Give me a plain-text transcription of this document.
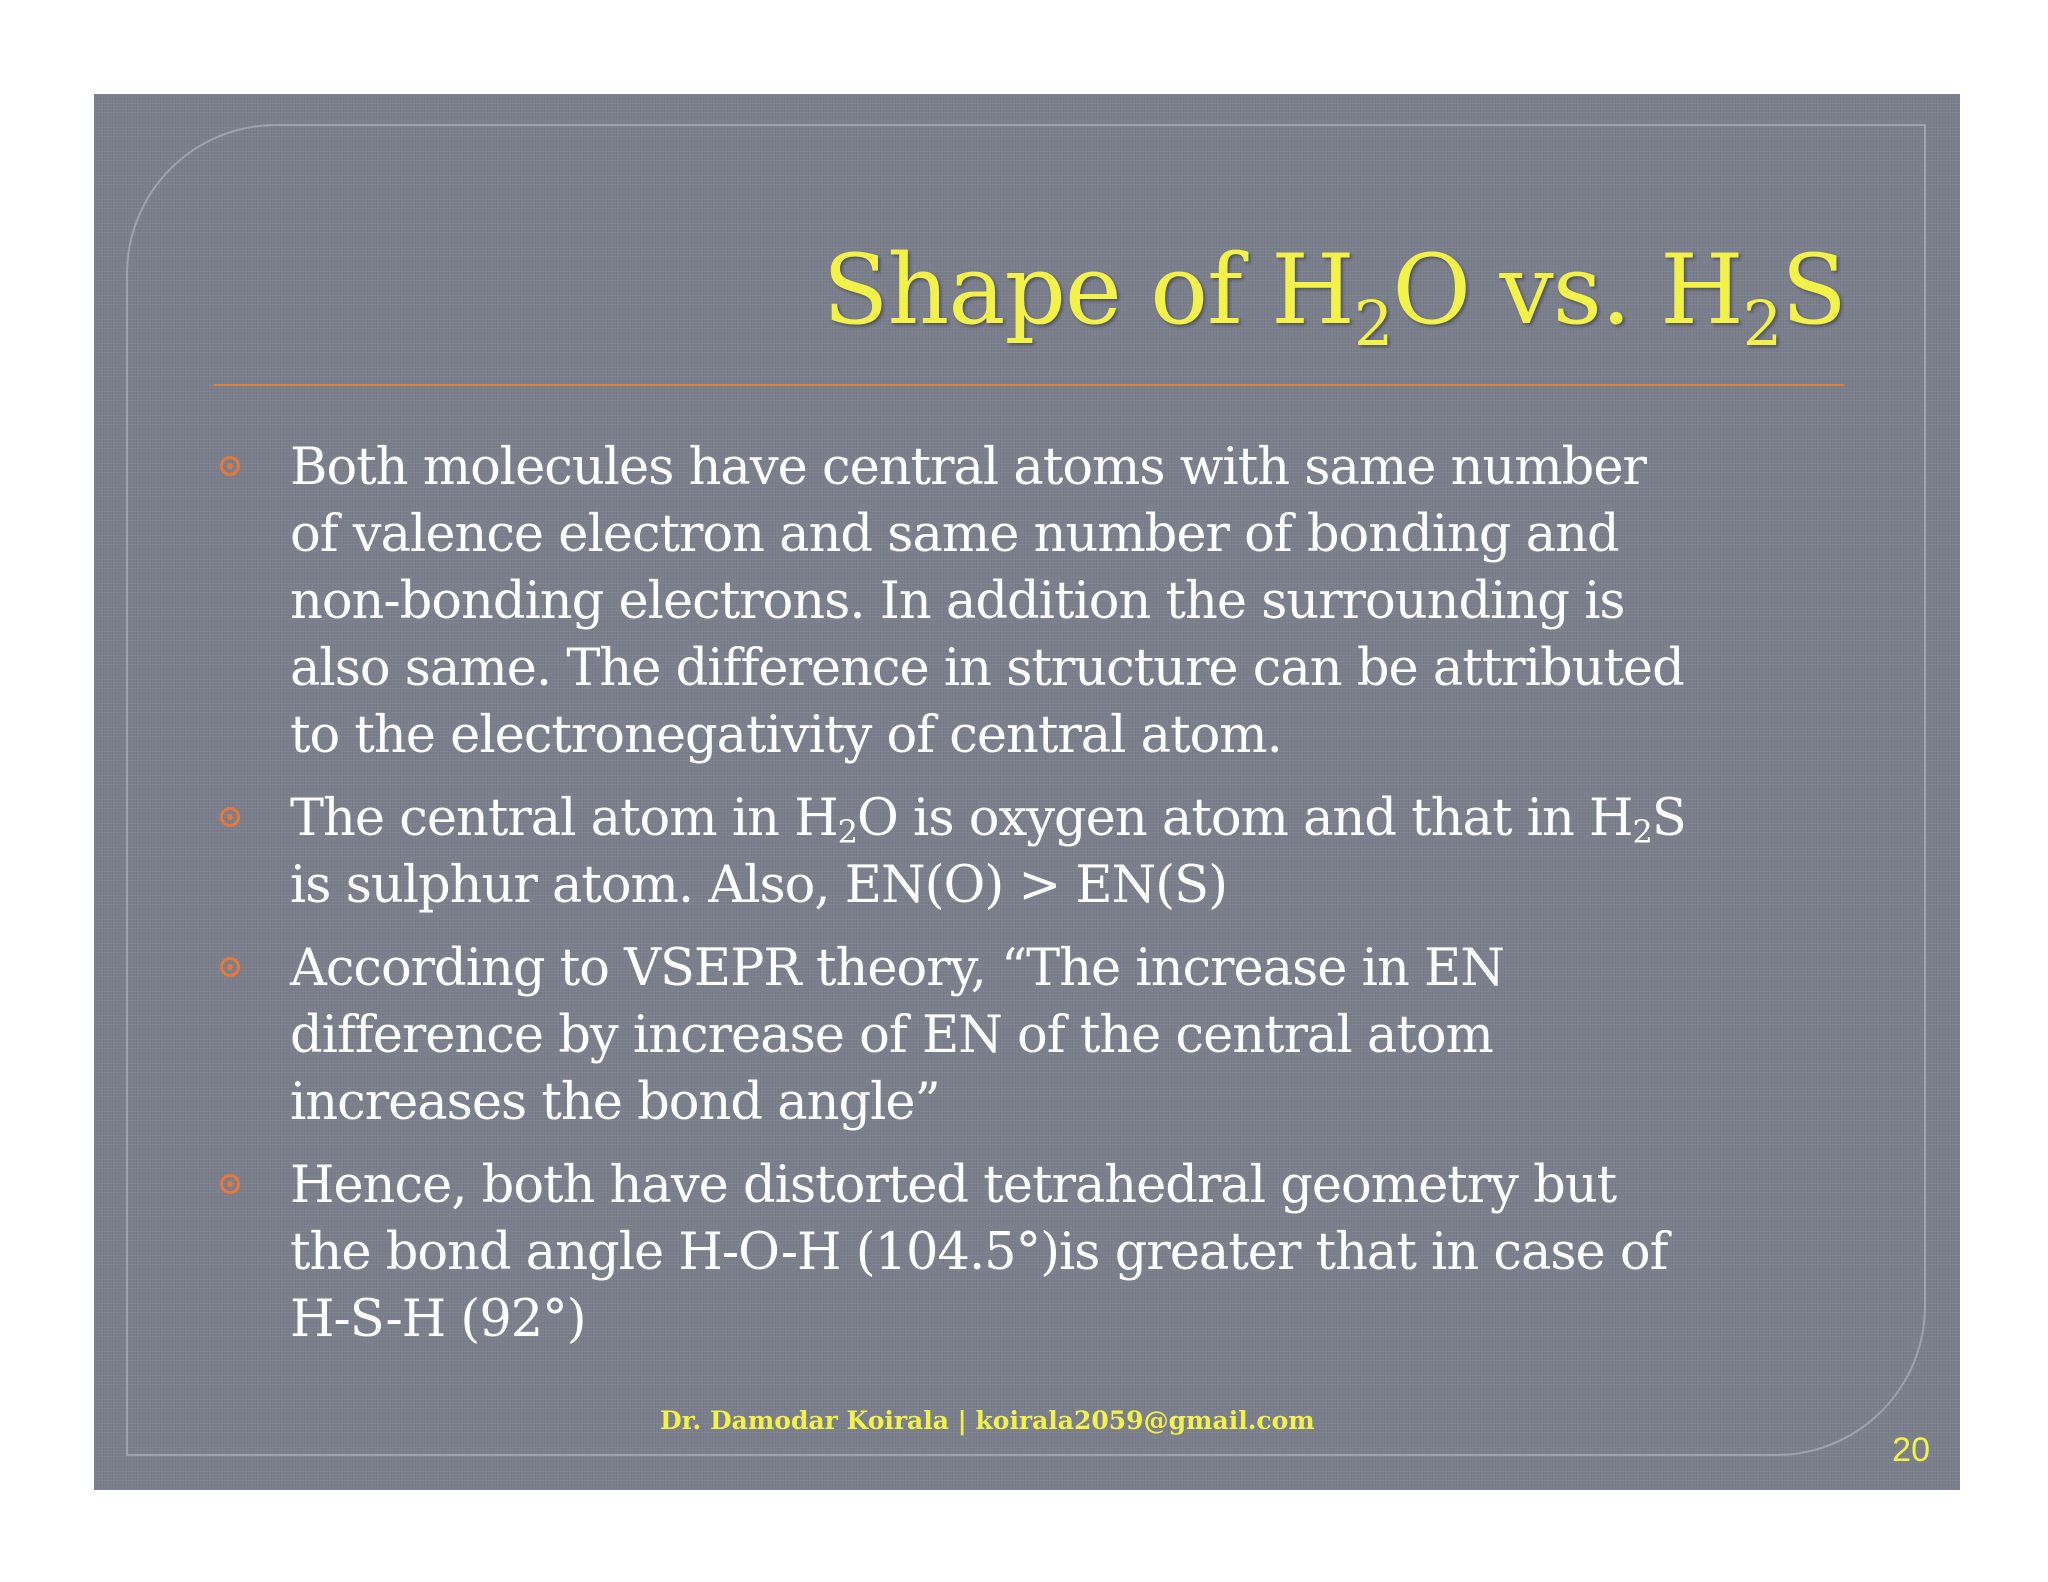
Shape of $H_2O$ vs. $H_2S$
Both molecules have central atoms with same number
of valence electron and same number of bonding and
non-bonding electrons. In addition the surrounding is
also same. The difference in structure can be attributed
to the electronegativity of central atom.
The central atom in $H_2O$ is oxygen atom and that in $H_2S$
is sulphur atom. Also, EN(O) > EN(S)
According to VSEPR theory, “The increase in EN
difference by increase of EN of the central atom
increases the bond angle”
Hence, both have distorted tetrahedral geometry but
the bond angle H-O-H (104.5°)is greater that in case of
H-S-H (92°)
Dr. Damodar Koirala | koirala2059@gmail.com
20
